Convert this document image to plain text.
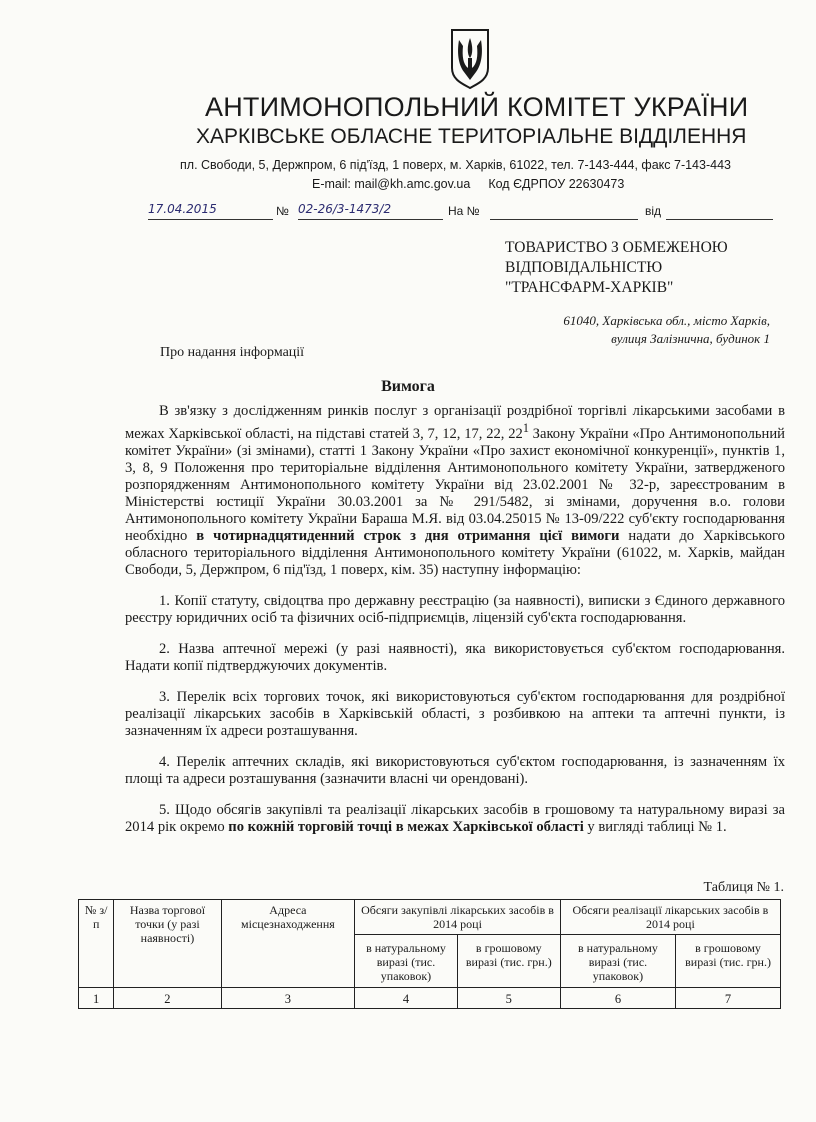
АНТИМОНОПОЛЬНИЙ КОМІТЕТ УКРАЇНИ
ХАРКІВСЬКЕ ОБЛАСНЕ ТЕРИТОРІАЛЬНЕ ВІДДІЛЕННЯ
пл. Свободи, 5, Держпром, 6 під'їзд, 1 поверх, м. Харків, 61022, тел. 7-143-444, факс 7-143-443
E-mail: mail@kh.amc.gov.ua Код ЄДРПОУ 22630473
17.04.2015	№ 02-26/3-1473/2	На №	від
ТОВАРИСТВО З ОБМЕЖЕНОЮ ВІДПОВІДАЛЬНІСТЮ "ТРАНСФАРМ-ХАРКІВ"
61040, Харківська обл., місто Харків,
вулиця Залізнична, будинок 1
Про надання інформації
Вимога

В зв'язку з дослідженням ринків послуг з організації роздрібної торгівлі лікарськими засобами в межах Харківської області, на підставі статей 3, 7, 12, 17, 22, $22^1$ Закону України «Про Антимонопольний комітет України» (зі змінами), статті 1 Закону України «Про захист економічної конкуренції», пунктів 1, 3, 8, 9 Положення про територіальне відділення Антимонопольного комітету України, затвердженого розпорядженням Антимонопольного комітету України від 23.02.2001 № 32-р, зареєстрованим в Міністерстві юстиції України 30.03.2001 за № 291/5482, зі змінами, доручення в.о. голови Антимонопольного комітету України Бараша М.Я. від 03.04.25015 № 13-09/222 суб'єкту господарювання необхідно в чотирнадцятиденний строк з дня отримання цієї вимоги надати до Харківського обласного територіального відділення Антимонопольного комітету України (61022, м. Харків, майдан Свободи, 5, Держпром, 6 під'їзд, 1 поверх, кім. 35) наступну інформацію:

1. Копії статуту, свідоцтва про державну реєстрацію (за наявності), виписки з Єдиного державного реєстру юридичних осіб та фізичних осіб-підприємців, ліцензій суб'єкта господарювання.

2. Назва аптечної мережі (у разі наявності), яка використовується суб'єктом господарювання. Надати копії підтверджуючих документів.

3. Перелік всіх торгових точок, які використовуються суб'єктом господарювання для роздрібної реалізації лікарських засобів в Харківській області, з розбивкою на аптеки та аптечні пункти, із зазначенням їх адреси розташування.

4. Перелік аптечних складів, які використовуються суб'єктом господарювання, із зазначенням їх площі та адреси розташування (зазначити власні чи орендовані).

5. Щодо обсягів закупівлі та реалізації лікарських засобів в грошовому та натуральному виразі за 2014 рік окремо по кожній торговій точці в межах Харківської області у вигляді таблиці № 1.

Таблиця № 1.
№ з/п	Назва торгової точки (у разі наявності)	Адреса місцезнаходження	Обсяги закупівлі лікарських засобів в 2014 році		Обсяги реалізації лікарських засобів в 2014 році	
			в натуральному виразі (тис. упаковок)	в грошовому виразі (тис. грн.)	в натуральному виразі (тис. упаковок)	в грошовому виразі (тис. грн.)
1	2	3	4	5	6	7
